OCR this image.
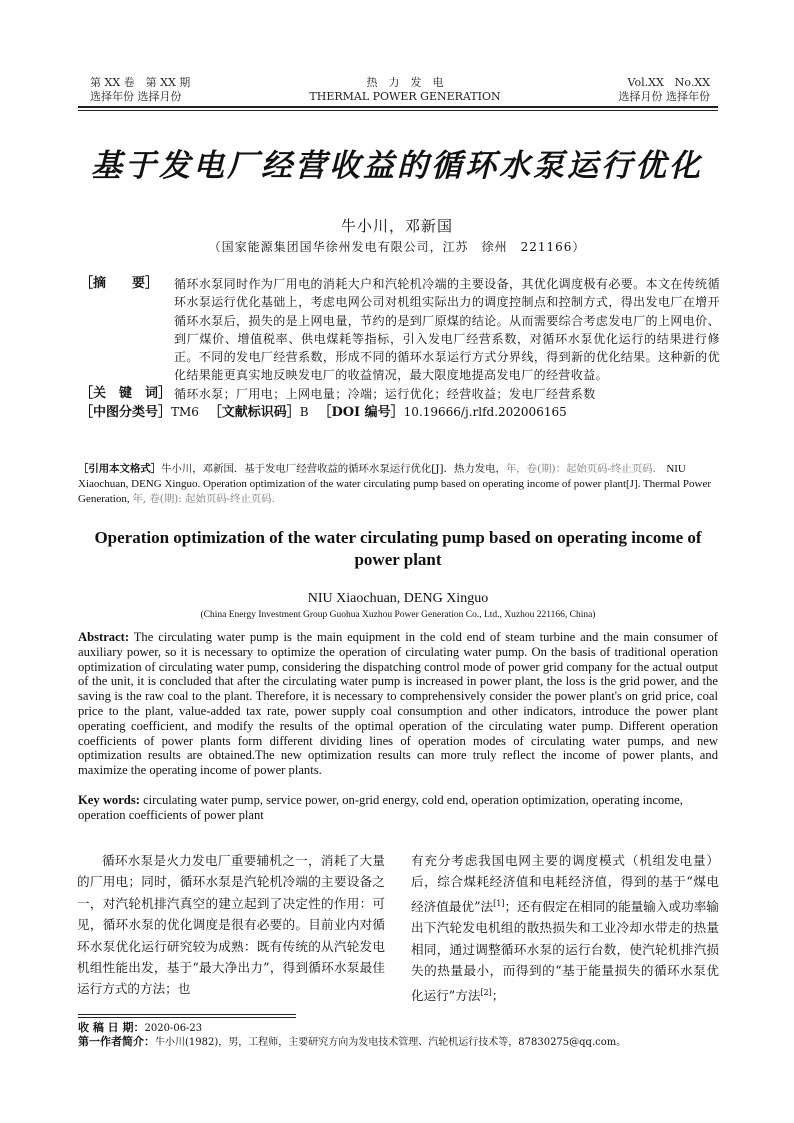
第 XX 卷　第 XX 期
选择年份 选择月份
热　力　发　电
THERMAL POWER GENERATION
Vol.XX　No.XX
选择月份 选择年份
基于发电厂经营收益的循环水泵运行优化
牛小川，邓新国
（国家能源集团国华徐州发电有限公司，江苏　徐州　221166）
［摘　　要］	循环水泵同时作为厂用电的消耗大户和汽轮机冷端的主要设备，其优化调度极有必要。本文在传统循环水泵运行优化基础上，考虑电网公司对机组实际出力的调度控制点和控制方式，得出发电厂在增开循环水泵后，损失的是上网电量，节约的是到厂原煤的结论。从而需要综合考虑发电厂的上网电价、到厂煤价、增值税率、供电煤耗等指标，引入发电厂经营系数，对循环水泵优化运行的结果进行修正。不同的发电厂经营系数，形成不同的循环水泵运行方式分界线，得到新的优化结果。这种新的优化结果能更真实地反映发电厂的收益情况，最大限度地提高发电厂的经营收益。
［关　键　词］ 循环水泵；厂用电；上网电量；冷端；运行优化；经营收益；发电厂经营系数
［中图分类号］TM6 ［文献标识码］B ［DOI 编号］10.19666/j.rlfd.202006165
［引用本文格式］牛小川，邓新国．基于发电厂经营收益的循环水泵运行优化[J]．热力发电，年，卷(期)：起始页码-终止页码． NIU Xiaochuan, DENG Xinguo. Operation optimization of the water circulating pump based on operating income of power plant[J]. Thermal Power Generation, 年, 卷(期): 起始页码-终止页码.
Operation optimization of the water circulating pump based on operating income of power plant
NIU Xiaochuan, DENG Xinguo
(China Energy Investment Group Guohua Xuzhou Power Generation Co., Ltd., Xuzhou 221166, China)
Abstract: The circulating water pump is the main equipment in the cold end of steam turbine and the main consumer of auxiliary power, so it is necessary to optimize the operation of circulating water pump. On the basis of traditional operation optimization of circulating water pump, considering the dispatching control mode of power grid company for the actual output of the unit, it is concluded that after the circulating water pump is increased in power plant, the loss is the grid power, and the saving is the raw coal to the plant. Therefore, it is necessary to comprehensively consider the power plant's on grid price, coal price to the plant, value-added tax rate, power supply coal consumption and other indicators, introduce the power plant operating coefficient, and modify the results of the optimal operation of the circulating water pump. Different operation coefficients of power plants form different dividing lines of operation modes of circulating water pumps, and new optimization results are obtained.The new optimization results can more truly reflect the income of power plants, and maximize the operating income of power plants.
Key words: circulating water pump, service power, on-grid energy, cold end, operation optimization, operating income, operation coefficients of power plant
循环水泵是火力发电厂重要辅机之一，消耗了大量的厂用电；同时，循环水泵是汽轮机冷端的主要设备之一，对汽轮机排汽真空的建立起到了决定性的作用：可见，循环水泵的优化调度是很有必要的。目前业内对循环水泵优化运行研究较为成熟：既有传统的从汽轮发电机组性能出发，基于“最大净出力”，得到循环水泵最佳运行方式的方法；也
有充分考虑我国电网主要的调度模式（机组发电量）后，综合煤耗经济值和电耗经济值，得到的基于“煤电经济值最优”法[1]；还有假定在相同的能量输入或功率输出下汽轮发电机组的散热损失和工业冷却水带走的热量相同，通过调整循环水泵的运行台数，使汽轮机排汽损失的热量最小，而得到的“基于能量损失的循环水泵优化运行”方法[2]；
收 稿 日 期：2020-06-23
第一作者简介：牛小川(1982)，男，工程师，主要研究方向为发电技术管理、汽轮机运行技术等，87830275@qq.com。
